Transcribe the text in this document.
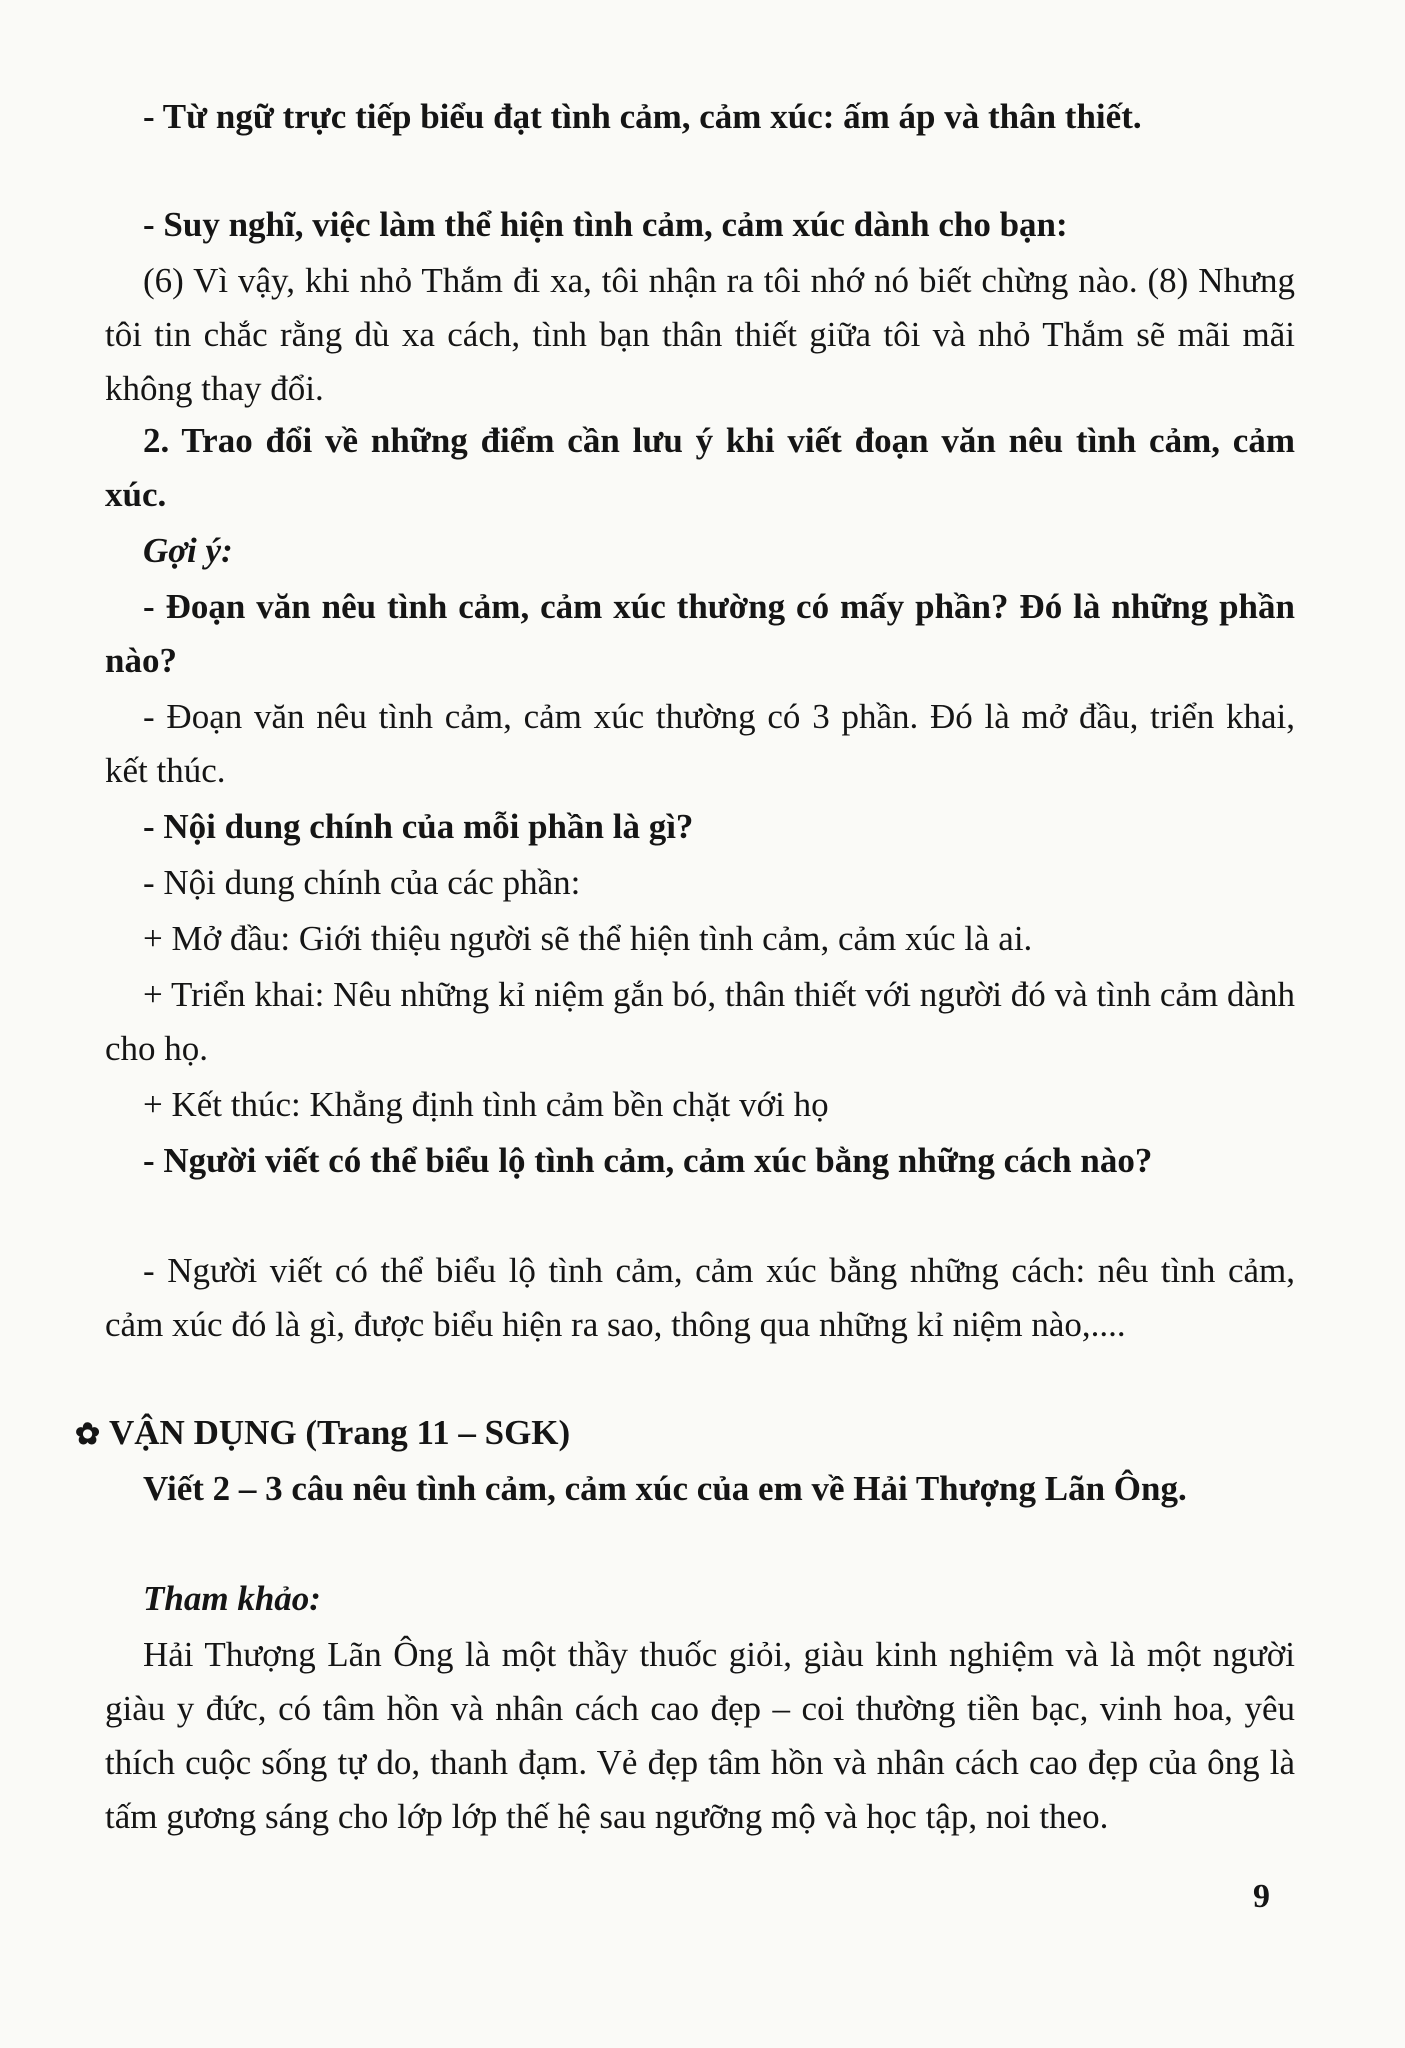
- Từ ngữ trực tiếp biểu đạt tình cảm, cảm xúc: ấm áp và thân thiết.
- Suy nghĩ, việc làm thể hiện tình cảm, cảm xúc dành cho bạn:
(6) Vì vậy, khi nhỏ Thắm đi xa, tôi nhận ra tôi nhớ nó biết chừng nào. (8) Nhưng tôi tin chắc rằng dù xa cách, tình bạn thân thiết giữa tôi và nhỏ Thắm sẽ mãi mãi không thay đổi.
2. Trao đổi về những điểm cần lưu ý khi viết đoạn văn nêu tình cảm, cảm xúc.
Gợi ý:
- Đoạn văn nêu tình cảm, cảm xúc thường có mấy phần? Đó là những phần nào?
- Đoạn văn nêu tình cảm, cảm xúc thường có 3 phần. Đó là mở đầu, triển khai, kết thúc.
- Nội dung chính của mỗi phần là gì?
- Nội dung chính của các phần:
+ Mở đầu: Giới thiệu người sẽ thể hiện tình cảm, cảm xúc là ai.
+ Triển khai: Nêu những kỉ niệm gắn bó, thân thiết với người đó và tình cảm dành cho họ.
+ Kết thúc: Khẳng định tình cảm bền chặt với họ
- Người viết có thể biểu lộ tình cảm, cảm xúc bằng những cách nào?
- Người viết có thể biểu lộ tình cảm, cảm xúc bằng những cách: nêu tình cảm, cảm xúc đó là gì, được biểu hiện ra sao, thông qua những kỉ niệm nào,....
✿ VẬN DỤNG (Trang 11 – SGK)
Viết 2 – 3 câu nêu tình cảm, cảm xúc của em về Hải Thượng Lãn Ông.
Tham khảo:
Hải Thượng Lãn Ông là một thầy thuốc giỏi, giàu kinh nghiệm và là một người giàu y đức, có tâm hồn và nhân cách cao đẹp – coi thường tiền bạc, vinh hoa, yêu thích cuộc sống tự do, thanh đạm. Vẻ đẹp tâm hồn và nhân cách cao đẹp của ông là tấm gương sáng cho lớp lớp thế hệ sau ngưỡng mộ và học tập, noi theo.
9
